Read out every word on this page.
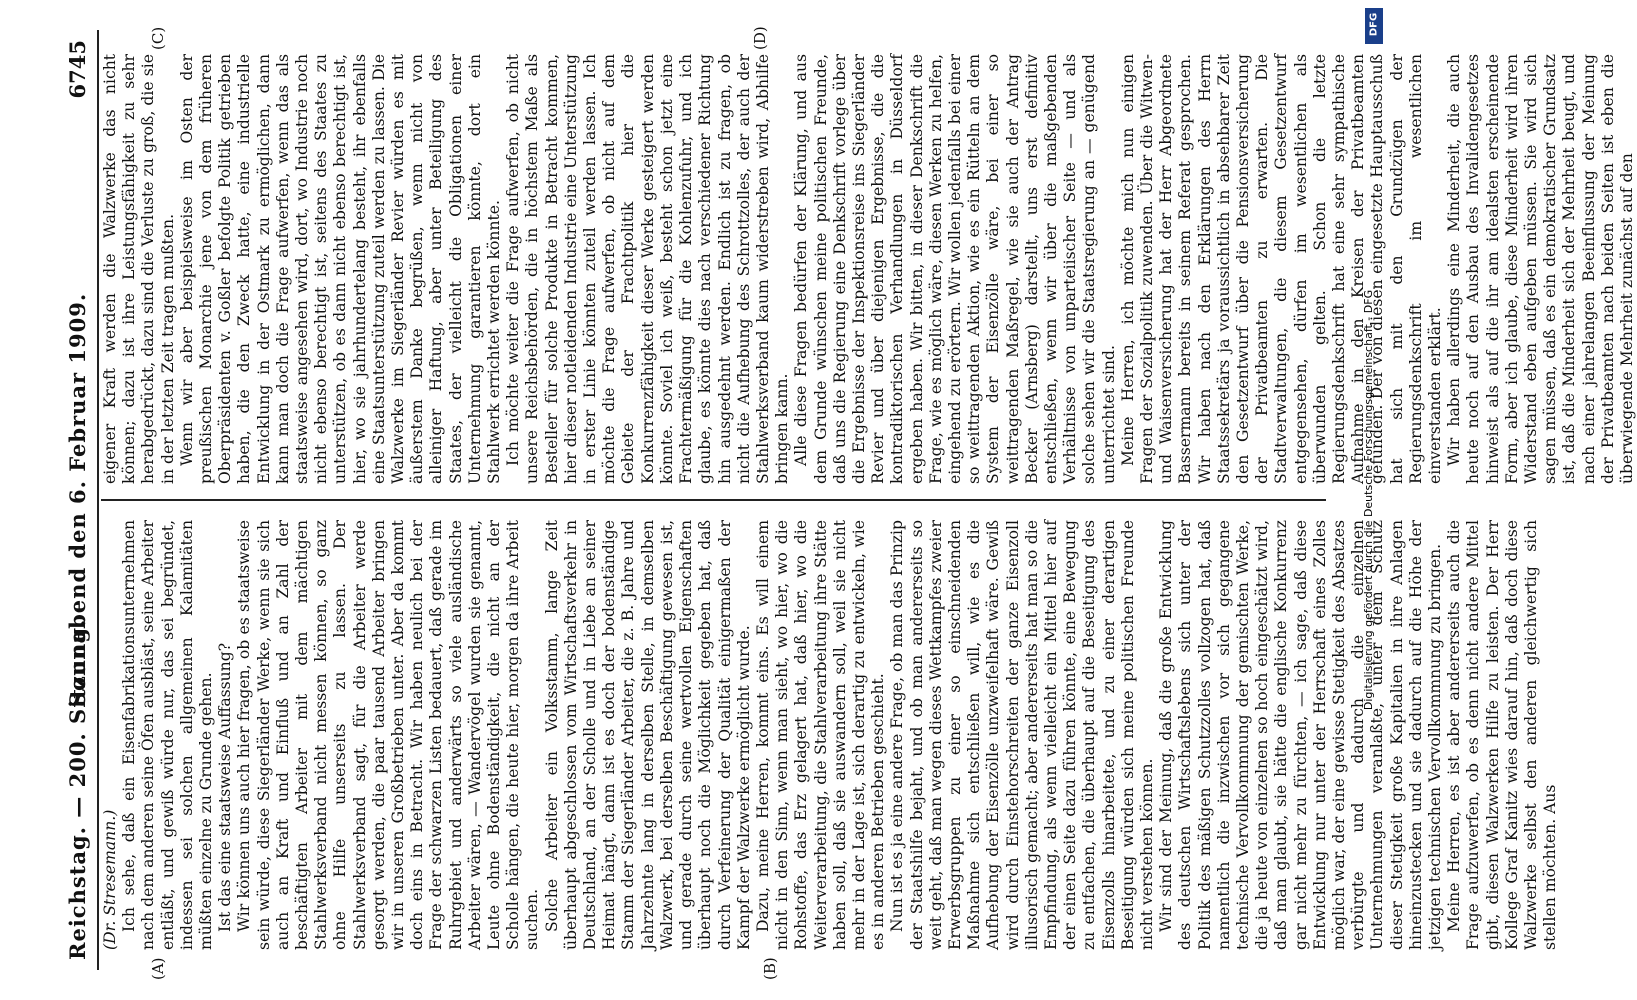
Reichstag. — 200. Sitzung.
Sonnabend den 6. Februar 1909.
6745
(A)	(B)
(C)	(D)

(Dr. Stresemann.) Ich sehe, daß ein Eisenfabrikationsunternehmen nach dem anderen seine Öfen ausbläst, seine Arbeiter entläßt, und gewiß würde nur, das sei begründet, indessen sei solchen allgemeinen Kalamitäten müßten einzelne zu Grunde gehen. Ist das eine staatsweise Auffassung? Wir können uns auch hier fragen, ob es staatsweise sein würde, diese Siegerländer Werke, wenn sie sich auch an Kraft und Einfluß und an Zahl der beschäftigten Arbeiter mit dem mächtigen Stahlwerksverband nicht messen können, so ganz ohne Hilfe unserseits zu lassen. Der Stahlwerksverband sagt, für die Arbeiter werde gesorgt werden, die paar tausend Arbeiter bringen wir in unseren Großbetrieben unter. Aber da kommt doch eins in Betracht. Wir haben neulich bei der Frage der schwarzen Listen bedauert, daß gerade im Ruhrgebiet und anderwärts so viele ausländische Arbeiter wären, — Wandervögel wurden sie genannt, Leute ohne Bodenständigkeit, die nicht an der Scholle hängen, die heute hier, morgen da ihre Arbeit suchen. Solche Arbeiter ein Volksstamm, lange Zeit überhaupt abgeschlossen vom Wirtschaftsverkehr in Deutschland, an der Scholle und in Liebe an seiner Heimat hängt, dann ist es doch der bodenständige Stamm der Siegerländer Arbeiter, die z. B. Jahre und Jahrzehnte lang in derselben Stelle, in demselben Walzwerk, bei derselben Beschäftigung gewesen ist, und gerade durch seine wertvollen Eigenschaften überhaupt noch die Möglichkeit gegeben hat, daß durch Verfeinerung der Qualität einigermaßen der Kampf der Walzwerke ermöglicht wurde. Dazu, meine Herren, kommt eins. Es will einem nicht in den Sinn, wenn man sieht, wo hier, wo die Rohstoffe, das Erz gelagert hat, daß hier, wo die Weiterverarbeitung, die Stahlverarbeitung ihre Stätte haben soll, daß sie auswandern soll, weil sie nicht mehr in der Lage ist, sich derartig zu entwickeln, wie es in anderen Betrieben geschieht. Nun ist es ja eine andere Frage, ob man das Prinzip der Staatshilfe bejaht, und ob man andererseits so weit geht, daß man wegen dieses Wettkampfes zweier Erwerbsgruppen zu einer so einschneidenden Maßnahme sich entschließen will, wie es die Aufhebung der Eisenzölle unzweifelhaft wäre. Gewiß wird durch Einstehorschreiten der ganze Eisenzoll illusorisch gemacht; aber andererseits hat man so die Empfindung, als wenn vielleicht ein Mittel hier auf der einen Seite dazu führen könnte, eine Bewegung zu entfachen, die überhaupt auf die Beseitigung des Eisenzolls hinarbeitete, und zu einer derartigen Beseitigung würden sich meine politischen Freunde nicht verstehen können. Wir sind der Meinung, daß die große Entwicklung des deutschen Wirtschaftslebens sich unter der Politik des mäßigen Schutzzolles vollzogen hat, daß namentlich die inzwischen vor sich gegangene technische Vervollkommnung der gemischten Werke, die ja heute von einzelnen so hoch eingeschätzt wird, daß man glaubt, sie hätte die englische Konkurrenz gar nicht mehr zu fürchten, — ich sage, daß diese Entwicklung nur unter der Herrschaft eines Zolles möglich war, der eine gewisse Stetigkeit des Absatzes verbürgte und dadurch die einzelnen Unternehmungen veranlaßte, unter dem Schutz dieser Stetigkeit große Kapitalien in ihre Anlagen hineinzustecken und sie dadurch auf die Höhe der jetzigen technischen Vervollkommnung zu bringen. Meine Herren, es ist aber andererseits auch die Frage aufzuwerfen, ob es denn nicht andere Mittel gibt, diesen Walzwerken Hilfe zu leisten. Der Herr Kollege Graf Kanitz wies darauf hin, daß doch diese Walzwerke selbst den anderen gleichwertig sich stellen möchten. Aus

eigener Kraft werden die Walzwerke das nicht können; dazu ist ihre Leistungsfähigkeit zu sehr herabgedrückt, dazu sind die Verluste zu groß, die sie in der letzten Zeit tragen mußten. Wenn wir aber beispielsweise im Osten der preußischen Monarchie jene von dem früheren Oberpräsidenten v. Goßler befolgte Politik getrieben haben, die den Zweck hatte, eine industrielle Entwicklung in der Ostmark zu ermöglichen, dann kann man doch die Frage aufwerfen, wenn das als staatsweise angesehen wird, dort, wo Industrie noch nicht ebenso berechtigt ist, seitens des Staates zu unterstützen, ob es dann nicht ebenso berechtigt ist, hier, wo sie jahrhundertelang besteht, ihr ebenfalls eine Staatsunterstützung zuteil werden zu lassen. Die Walzwerke im Siegerländer Revier würden es mit äußerstem Danke begrüßen, wenn nicht von alleiniger Haftung, aber unter Beteiligung des Staates, der vielleicht die Obligationen einer Unternehmung garantieren könnte, dort ein Stahlwerk errichtet werden könnte. Ich möchte weiter die Frage aufwerfen, ob nicht unsere Reichsbehörden, die in höchstem Maße als Besteller für solche Produkte in Betracht kommen, hier dieser notleidenden Industrie eine Unterstützung in erster Linie könnten zuteil werden lassen. Ich möchte die Frage aufwerfen, ob nicht auf dem Gebiete der Frachtpolitik hier die Konkurrenzfähigkeit dieser Werke gesteigert werden könnte. Soviel ich weiß, besteht schon jetzt eine Frachtermäßigung für die Kohlenzufuhr, und ich glaube, es könnte dies nach verschiedener Richtung hin ausgedehnt werden. Endlich ist zu fragen, ob nicht die Aufhebung des Schrottzolles, der auch der Stahlwerksverband kaum widerstreben wird, Abhilfe bringen kann. Alle diese Fragen bedürfen der Klärung, und aus dem Grunde wünschen meine politischen Freunde, daß uns die Regierung eine Denkschrift vorlege über die Ergebnisse der Inspektionsreise ins Siegerländer Revier und über diejenigen Ergebnisse, die die kontradiktorischen Verhandlungen in Düsseldorf ergeben haben. Wir bitten, in dieser Denkschrift die Frage, wie es möglich wäre, diesen Werken zu helfen, eingehend zu erörtern. Wir wollen jedenfalls bei einer so weittragenden Aktion, wie es ein Rütteln an dem System der Eisenzölle wäre, bei einer so weittragenden Maßregel, wie sie auch der Antrag Becker (Arnsberg) darstellt, uns erst definitiv entschließen, wenn wir über die maßgebenden Verhältnisse von unparteiischer Seite — und als solche sehen wir die Staatsregierung an — genügend unterrichtet sind. Meine Herren, ich möchte mich nun einigen Fragen der Sozialpolitik zuwenden. Über die Witwen- und Waisenversicherung hat der Herr Abgeordnete Bassermann bereits in seinem Referat gesprochen. Wir haben nach den Erklärungen des Herrn Staatssekretärs ja voraussichtlich in absehbarer Zeit den Gesetzentwurf über die Pensionsversicherung der Privatbeamten zu erwarten. Die Stadtverwaltungen, die diesem Gesetzentwurf entgegensehen, dürfen im wesentlichen als überwunden gelten. Schon die letzte Regierungsdenkschrift hat eine sehr sympathische Aufnahme in den Kreisen der Privatbeamten gefunden. Der von diesen eingesetzte Hauptausschuß hat sich mit den Grundzügen der Regierungsdenkschrift im wesentlichen einverstanden erklärt. Wir haben allerdings eine Minderheit, die auch heute noch auf den Ausbau des Invalidengesetzes hinweist als auf die ihr am idealsten erscheinende Form, aber ich glaube, diese Minderheit wird ihren Widerstand eben aufgeben müssen. Sie wird sich sagen müssen, daß es ein demokratischer Grundsatz ist, daß die Minderheit sich der Mehrheit beugt, und nach einer jahrelangen Beeinflussung der Meinung der Privatbeamten nach beiden Seiten ist eben die überwiegende Mehrheit zunächst auf den

Digitalisierung gefördert durch die Deutsche Forschungsgemeinschaft - DFG
DFG
